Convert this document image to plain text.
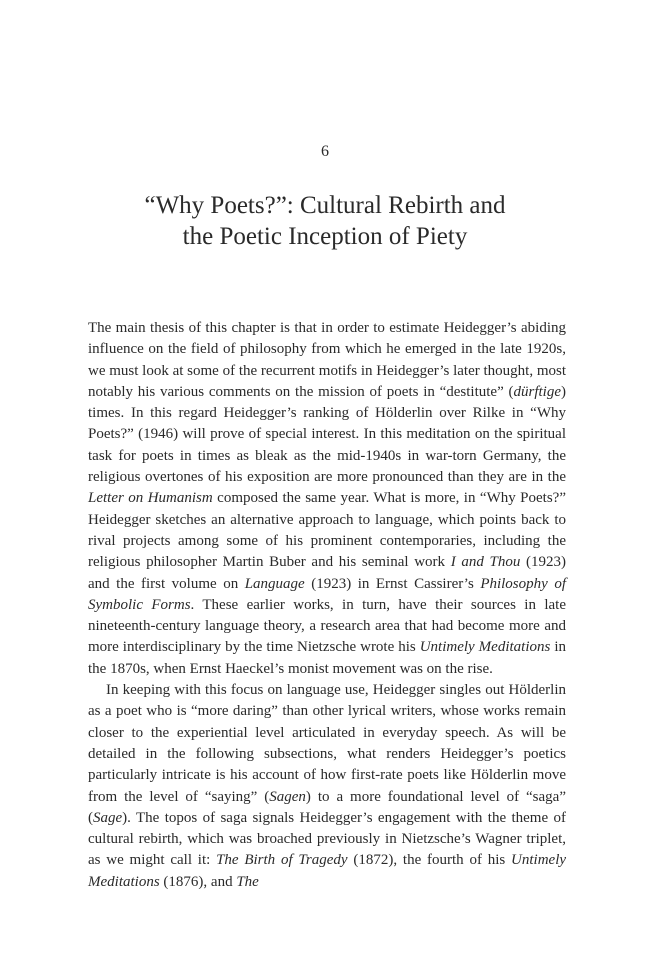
6
“Why Poets?”: Cultural Rebirth and
the Poetic Inception of Piety

The main thesis of this chapter is that in order to estimate Heidegger’s abiding influence on the field of philosophy from which he emerged in the late 1920s, we must look at some of the recurrent motifs in Heidegger’s later thought, most notably his various comments on the mission of poets in “destitute” (dürftige) times. In this regard Heidegger’s ranking of Hölderlin over Rilke in “Why Poets?” (1946) will prove of special interest. In this meditation on the spiritual task for poets in times as bleak as the mid-1940s in war-torn Germany, the religious overtones of his exposition are more pronounced than they are in the Letter on Humanism composed the same year. What is more, in “Why Poets?” Heidegger sketches an alternative approach to language, which points back to rival projects among some of his prominent contemporaries, including the religious philosopher Martin Buber and his seminal work I and Thou (1923) and the first volume on Language (1923) in Ernst Cassirer’s Philosophy of Symbolic Forms. These earlier works, in turn, have their sources in late nineteenth-century language theory, a research area that had become more and more interdisciplinary by the time Nietzsche wrote his Untimely Meditations in the 1870s, when Ernst Haeckel’s monist movement was on the rise.

In keeping with this focus on language use, Heidegger singles out Hölderlin as a poet who is “more daring” than other lyrical writers, whose works remain closer to the experiential level articulated in everyday speech. As will be detailed in the following subsections, what renders Heidegger’s poetics particularly intricate is his account of how first-rate poets like Hölderlin move from the level of “saying” (Sagen) to a more foundational level of “saga” (Sage). The topos of saga signals Heidegger’s engagement with the theme of cultural rebirth, which was broached previously in Nietzsche’s Wagner triplet, as we might call it: The Birth of Tragedy (1872), the fourth of his Untimely Meditations (1876), and The
